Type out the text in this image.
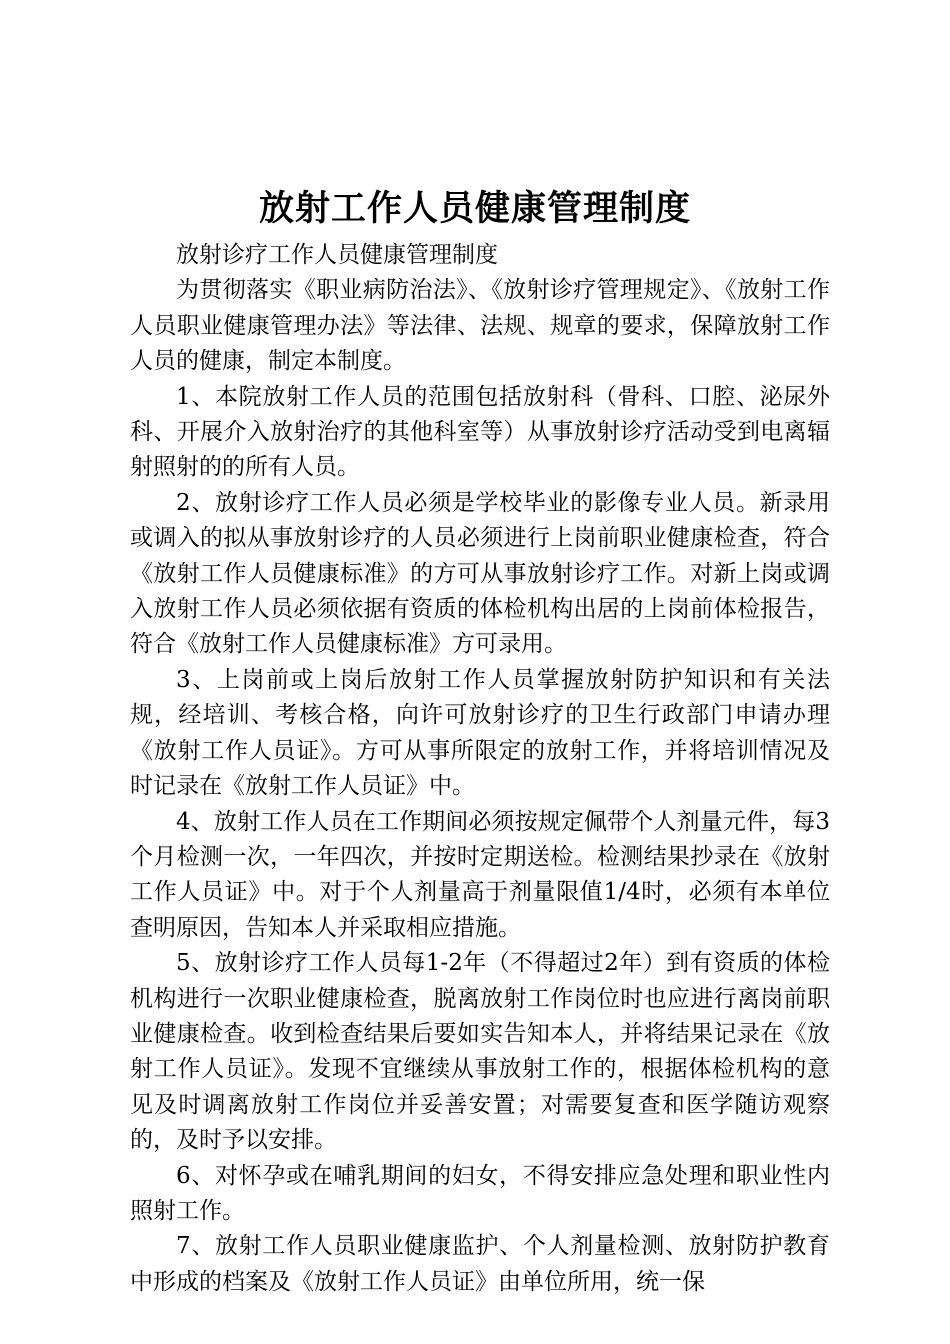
放射工作人员健康管理制度

放射诊疗工作人员健康管理制度

为贯彻落实《职业病防治法》、《放射诊疗管理规定》、《放射工作人员职业健康管理办法》等法律、法规、规章的要求，保障放射工作人员的健康，制定本制度。

1、本院放射工作人员的范围包括放射科（骨科、口腔、泌尿外科、开展介入放射治疗的其他科室等）从事放射诊疗活动受到电离辐射照射的的所有人员。

2、放射诊疗工作人员必须是学校毕业的影像专业人员。新录用或调入的拟从事放射诊疗的人员必须进行上岗前职业健康检查，符合《放射工作人员健康标准》的方可从事放射诊疗工作。对新上岗或调入放射工作人员必须依据有资质的体检机构出居的上岗前体检报告，符合《放射工作人员健康标准》方可录用。

3、上岗前或上岗后放射工作人员掌握放射防护知识和有关法规，经培训、考核合格，向许可放射诊疗的卫生行政部门申请办理《放射工作人员证》。方可从事所限定的放射工作，并将培训情况及时记录在《放射工作人员证》中。

4、放射工作人员在工作期间必须按规定佩带个人剂量元件，每3个月检测一次，一年四次，并按时定期送检。检测结果抄录在《放射工作人员证》中。对于个人剂量高于剂量限值1/4时，必须有本单位查明原因，告知本人并采取相应措施。

5、放射诊疗工作人员每1-2年（不得超过2年）到有资质的体检机构进行一次职业健康检查，脱离放射工作岗位时也应进行离岗前职业健康检查。收到检查结果后要如实告知本人，并将结果记录在《放射工作人员证》。发现不宜继续从事放射工作的，根据体检机构的意见及时调离放射工作岗位并妥善安置；对需要复查和医学随访观察的，及时予以安排。

6、对怀孕或在哺乳期间的妇女，不得安排应急处理和职业性内照射工作。

7、放射工作人员职业健康监护、个人剂量检测、放射防护教育中形成的档案及《放射工作人员证》由单位所用，统一保
